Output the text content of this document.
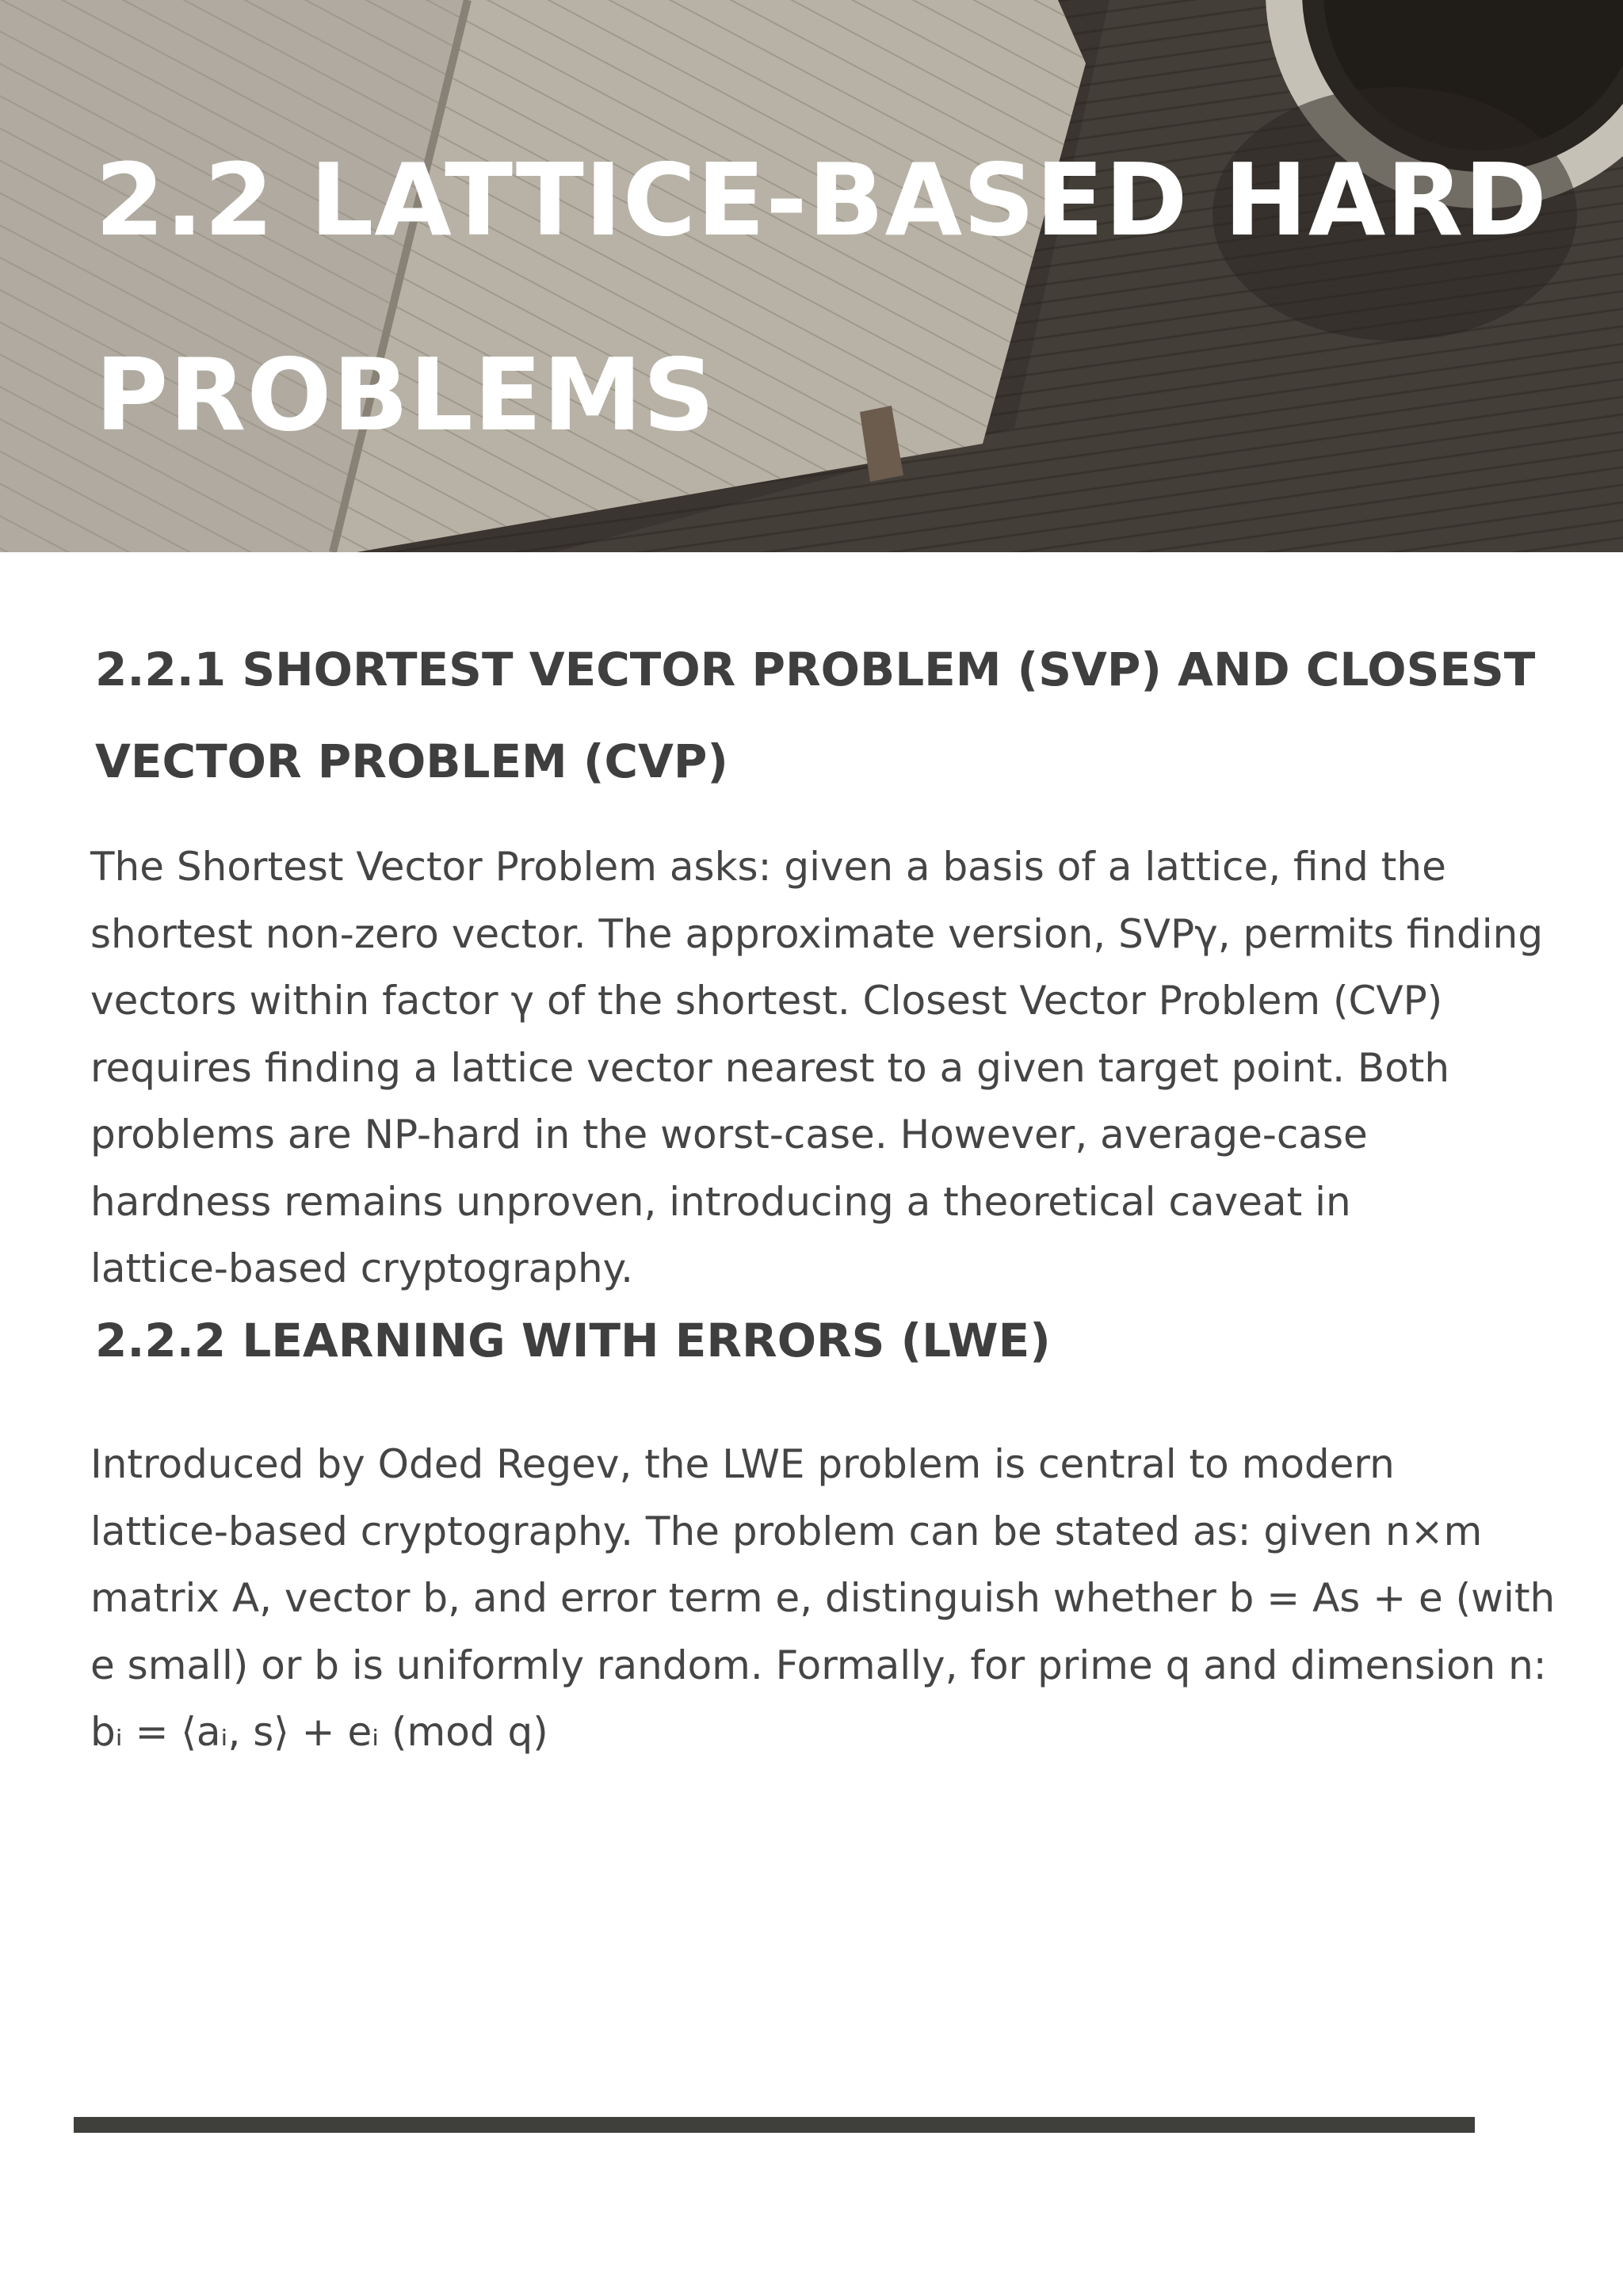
2.2 LATTICE-BASED HARD
PROBLEMS
2.2.1 SHORTEST VECTOR PROBLEM (SVP) AND CLOSEST
VECTOR PROBLEM (CVP)

The Shortest Vector Problem asks: given a basis of a lattice, find the
shortest non-zero vector. The approximate version, SVPγ, permits finding
vectors within factor γ of the shortest. Closest Vector Problem (CVP)
requires finding a lattice vector nearest to a given target point. Both
problems are NP-hard in the worst-case. However, average-case
hardness remains unproven, introducing a theoretical caveat in
lattice-based cryptography.

2.2.2 LEARNING WITH ERRORS (LWE)

Introduced by Oded Regev, the LWE problem is central to modern
lattice-based cryptography. The problem can be stated as: given n×m
matrix A, vector b, and error term e, distinguish whether b = As + e (with
e small) or b is uniformly random. Formally, for prime q and dimension n:
bᵢ = ⟨aᵢ, s⟩ + eᵢ (mod q)
